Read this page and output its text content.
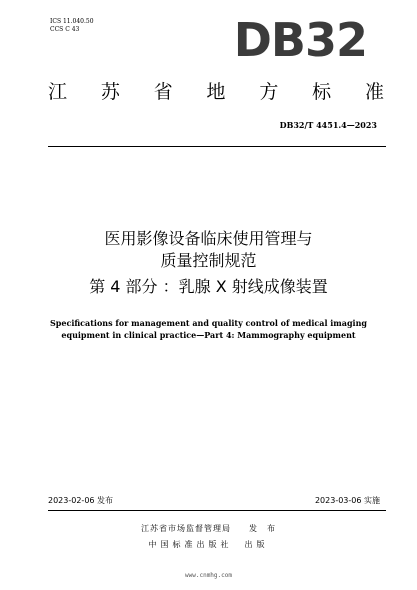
ICS 11.040.50
CCS C 43	DB32
江 苏 省 地 方 标 准
DB32/T 4451.4—2023
医用影像设备临床使用管理与
质量控制规范
第 4 部分 ：乳腺 X 射线成像装置
Specifications for management and quality control of medical imaging
equipment in clinical practice—Part 4: Mammography equipment
2023-02-06 发布	2023-03-06 实施
江苏省市场监督管理局　　发　布
中国标准出版社　出版
www.cnmhg.com
